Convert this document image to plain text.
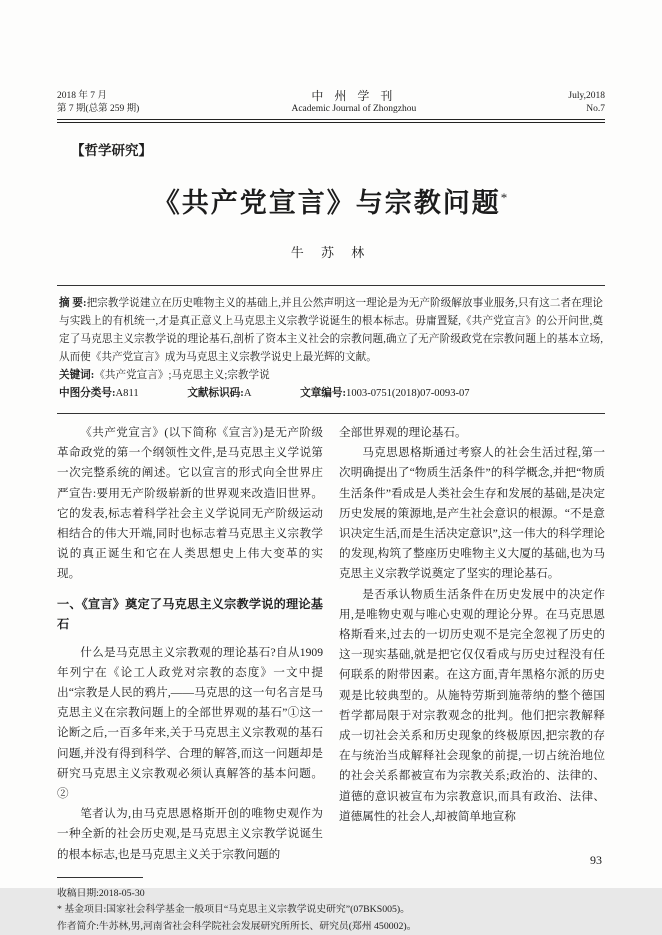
2018 年 7 月
第 7 期(总第 259 期)
中 州 学 刊
Academic Journal of Zhongzhou
July,2018
No.7
【哲学研究】
《共产党宣言》与宗教问题*
牛 苏 林

摘 要:把宗教学说建立在历史唯物主义的基础上,并且公然声明这一理论是为无产阶级解放事业服务,只有这二者在理论与实践上的有机统一,才是真正意义上马克思主义宗教学说诞生的根本标志。毋庸置疑,《共产党宣言》的公开问世,奠定了马克思主义宗教学说的理论基石,剖析了资本主义社会的宗教问题,确立了无产阶级政党在宗教问题上的基本立场,从而使《共产党宣言》成为马克思主义宗教学说史上最光辉的文献。

关键词:《共产党宣言》;马克思主义;宗教学说

中图分类号:A811	文献标识码:A	文章编号:1003-0751(2018)07-0093-07

《共产党宣言》(以下简称《宣言》)是无产阶级革命政党的第一个纲领性文件,是马克思主义学说第一次完整系统的阐述。它以宣言的形式向全世界庄严宣告:要用无产阶级崭新的世界观来改造旧世界。它的发表,标志着科学社会主义学说同无产阶级运动相结合的伟大开端,同时也标志着马克思主义宗教学说的真正诞生和它在人类思想史上伟大变革的实现。

一、《宣言》奠定了马克思主义宗教学说的理论基石

什么是马克思主义宗教观的理论基石?自从1909年列宁在《论工人政党对宗教的态度》一文中提出“宗教是人民的鸦片,——马克思的这一句名言是马克思主义在宗教问题上的全部世界观的基石”①这一论断之后,一百多年来,关于马克思主义宗教观的基石问题,并没有得到科学、合理的解答,而这一问题却是研究马克思主义宗教观必须认真解答的基本问题。②

笔者认为,由马克思恩格斯开创的唯物史观作为一种全新的社会历史观,是马克思主义宗教学说诞生的根本标志,也是马克思主义关于宗教问题的

全部世界观的理论基石。

马克思恩格斯通过考察人的社会生活过程,第一次明确提出了“物质生活条件”的科学概念,并把“物质生活条件”看成是人类社会生存和发展的基础,是决定历史发展的策源地,是产生社会意识的根源。“不是意识决定生活,而是生活决定意识”,这一伟大的科学理论的发现,构筑了整座历史唯物主义大厦的基础,也为马克思主义宗教学说奠定了坚实的理论基石。

是否承认物质生活条件在历史发展中的决定作用,是唯物史观与唯心史观的理论分界。在马克思恩格斯看来,过去的一切历史观不是完全忽视了历史的这一现实基础,就是把它仅仅看成与历史过程没有任何联系的附带因素。在这方面,青年黑格尔派的历史观是比较典型的。从施特劳斯到施蒂纳的整个德国哲学都局限于对宗教观念的批判。他们把宗教解释成一切社会关系和历史现象的终极原因,把宗教的存在与统治当成解释社会现象的前提,一切占统治地位的社会关系都被宣布为宗教关系;政治的、法律的、道德的意识被宣布为宗教意识,而具有政治、法律、道德属性的社会人,却被简单地宣称

收稿日期:2018-05-30
* 基金项目:国家社会科学基金一般项目“马克思主义宗教学说史研究”(07BKS005)。
作者简介:牛苏林,男,河南省社会科学院社会发展研究所所长、研究员(郑州 450002)。
93
